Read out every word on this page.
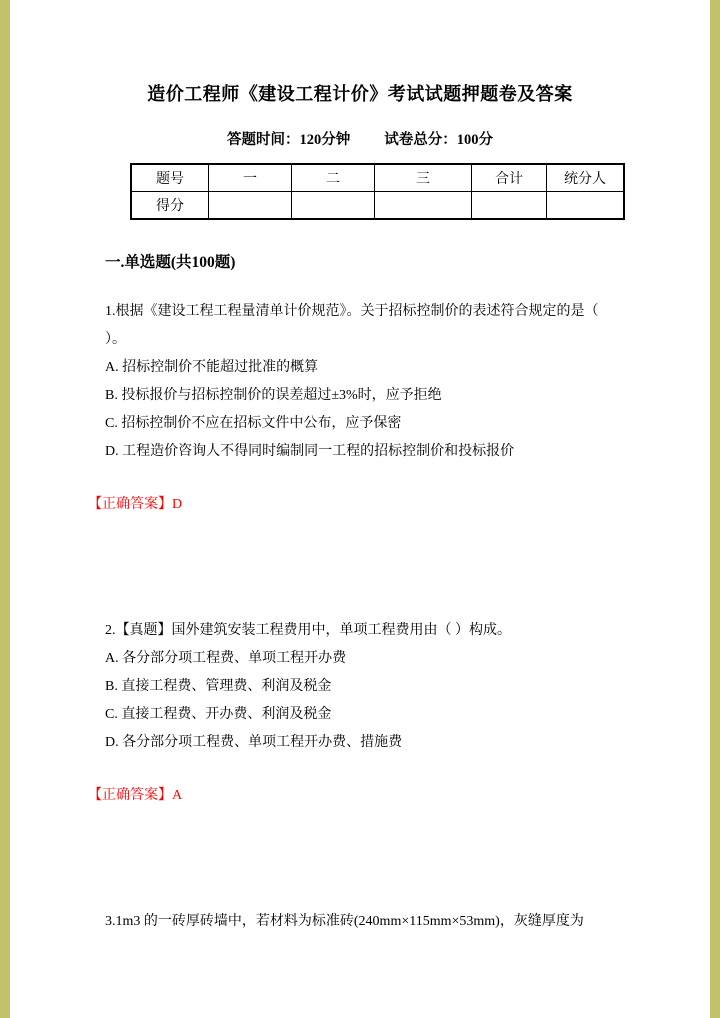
造价工程师《建设工程计价》考试试题押题卷及答案
答题时间：120分钟 试卷总分：100分
题号	一	二	三	合计	统分人
得分					
一.单选题(共100题)

1.根据《建设工程工程量清单计价规范》。关于招标控制价的表述符合规定的是（ ）。

A. 招标控制价不能超过批准的概算

B. 投标报价与招标控制价的误差超过±3%时，应予拒绝

C. 招标控制价不应在招标文件中公布，应予保密

D. 工程造价咨询人不得同时编制同一工程的招标控制价和投标报价

【正确答案】D

2.【真题】国外建筑安装工程费用中，单项工程费用由（ ）构成。

A. 各分部分项工程费、单项工程开办费

B. 直接工程费、管理费、利润及税金

C. 直接工程费、开办费、利润及税金

D. 各分部分项工程费、单项工程开办费、措施费

【正确答案】A

3.1m3 的一砖厚砖墙中，若材料为标准砖(240mm×115mm×53mm)，灰缝厚度为
